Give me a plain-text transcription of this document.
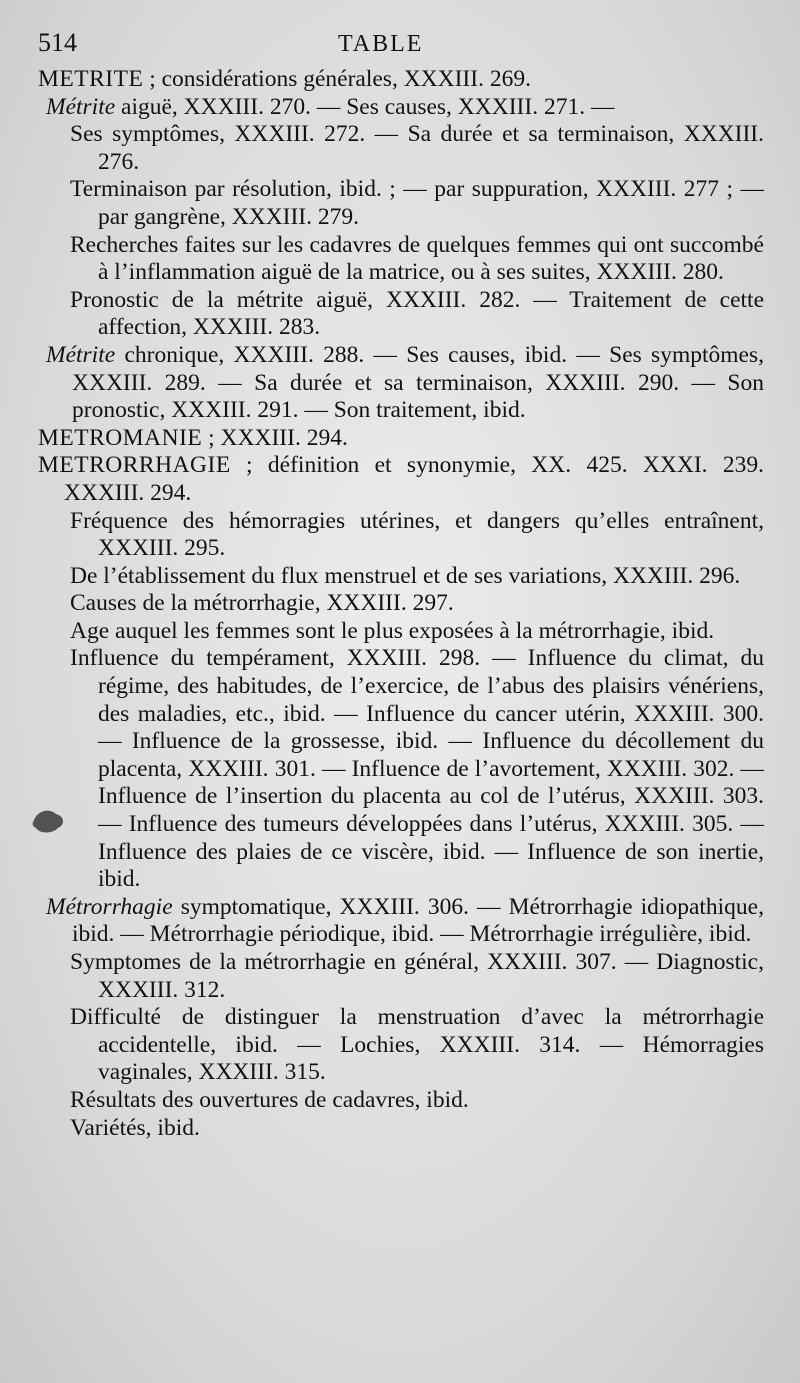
514	TABLE
METRITE ; considérations générales, XXXIII. 269.
Métrite aiguë, XXXIII. 270. — Ses causes, XXXIII. 271. —
Ses symptômes, XXXIII. 272. — Sa durée et sa terminaison, XXXIII. 276.
Terminaison par résolution, ibid. ; — par suppuration, XXXIII. 277 ; — par gangrène, XXXIII. 279.
Recherches faites sur les cadavres de quelques femmes qui ont succombé à l’inflammation aiguë de la matrice, ou à ses suites, XXXIII. 280.
Pronostic de la métrite aiguë, XXXIII. 282. — Traitement de cette affection, XXXIII. 283.
Métrite chronique, XXXIII. 288. — Ses causes, ibid. — Ses symptômes, XXXIII. 289. — Sa durée et sa terminaison, XXXIII. 290. — Son pronostic, XXXIII. 291. — Son traitement, ibid.
METROMANIE ; XXXIII. 294.
METRORRHAGIE ; définition et synonymie, XX. 425. XXXI. 239. XXXIII. 294.
Fréquence des hémorragies utérines, et dangers qu’elles entraînent, XXXIII. 295.
De l’établissement du flux menstruel et de ses variations, XXXIII. 296.
Causes de la métrorrhagie, XXXIII. 297.
Age auquel les femmes sont le plus exposées à la métrorrhagie, ibid.
Influence du tempérament, XXXIII. 298. — Influence du climat, du régime, des habitudes, de l’exercice, de l’abus des plaisirs vénériens, des maladies, etc., ibid. — Influence du cancer utérin, XXXIII. 300. — Influence de la grossesse, ibid. — Influence du décollement du placenta, XXXIII. 301. — Influence de l’avortement, XXXIII. 302. — Influence de l’insertion du placenta au col de l’utérus, XXXIII. 303. — Influence des tumeurs développées dans l’utérus, XXXIII. 305. — Influence des plaies de ce viscère, ibid. — Influence de son inertie, ibid.
Métrorrhagie symptomatique, XXXIII. 306. — Métrorrhagie idiopathique, ibid. — Métrorrhagie périodique, ibid. — Métrorrhagie irrégulière, ibid.
Symptomes de la métrorrhagie en général, XXXIII. 307. — Diagnostic, XXXIII. 312.
Difficulté de distinguer la menstruation d’avec la métrorrhagie accidentelle, ibid. — Lochies, XXXIII. 314. — Hémorragies vaginales, XXXIII. 315.
Résultats des ouvertures de cadavres, ibid.
Variétés, ibid.
